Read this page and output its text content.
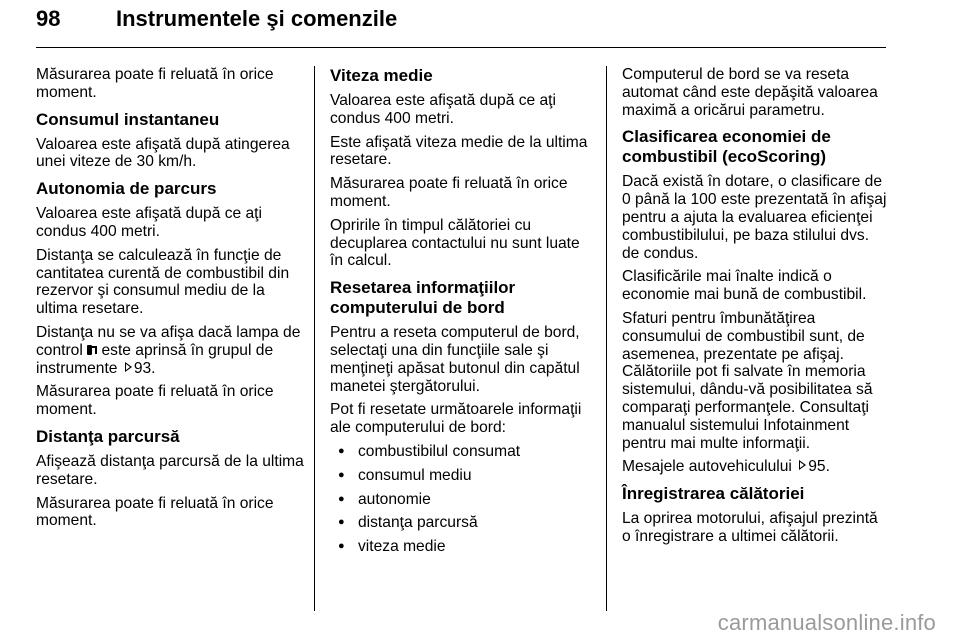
98	Instrumentele şi comenzile

Măsurarea poate fi reluată în orice moment.

Consumul instantaneu

Valoarea este afişată după atingerea unei viteze de 30 km/h.

Autonomia de parcurs

Valoarea este afişată după ce aţi condus 400 metri.

Distanţa se calculează în funcţie de cantitatea curentă de combustibil din rezervor şi consumul mediu de la ultima resetare.

Distanţa nu se va afişa dacă lampa de control
este aprinsă în grupul de instrumente 93.

Măsurarea poate fi reluată în orice moment.

Distanţa parcursă

Afişează distanţa parcursă de la ultima resetare.

Măsurarea poate fi reluată în orice moment.

Viteza medie

Valoarea este afişată după ce aţi condus 400 metri.

Este afişată viteza medie de la ultima resetare.

Măsurarea poate fi reluată în orice moment.

Opririle în timpul călătoriei cu decuplarea contactului nu sunt luate în calcul.

Resetarea informaţiilor computerului de bord

Pentru a reseta computerul de bord, selectaţi una din funcţiile sale şi menţineţi apăsat butonul din capătul manetei ştergătorului.

Pot fi resetate următoarele informaţii ale computerului de bord:

● combustibilul consumat
● consumul mediu
● autonomie
● distanţa parcursă
● viteza medie

Computerul de bord se va reseta automat când este depăşită valoarea maximă a oricărui parametru.

Clasificarea economiei de combustibil (ecoScoring)

Dacă există în dotare, o clasificare de 0 până la 100 este prezentată în afişaj pentru a ajuta la evaluarea eficienţei combustibilului, pe baza stilului dvs. de condus.

Clasificările mai înalte indică o economie mai bună de combustibil.

Sfaturi pentru îmbunătăţirea consumului de combustibil sunt, de asemenea, prezentate pe afişaj. Călătoriile pot fi salvate în memoria sistemului, dându-vă posibilitatea să comparaţi performanţele. Consultaţi manualul sistemului Infotainment pentru mai multe informaţii.

Mesajele autovehiculului 95.

Înregistrarea călătoriei

La oprirea motorului, afişajul prezintă o înregistrare a ultimei călătorii.

carmanualsonline.info
